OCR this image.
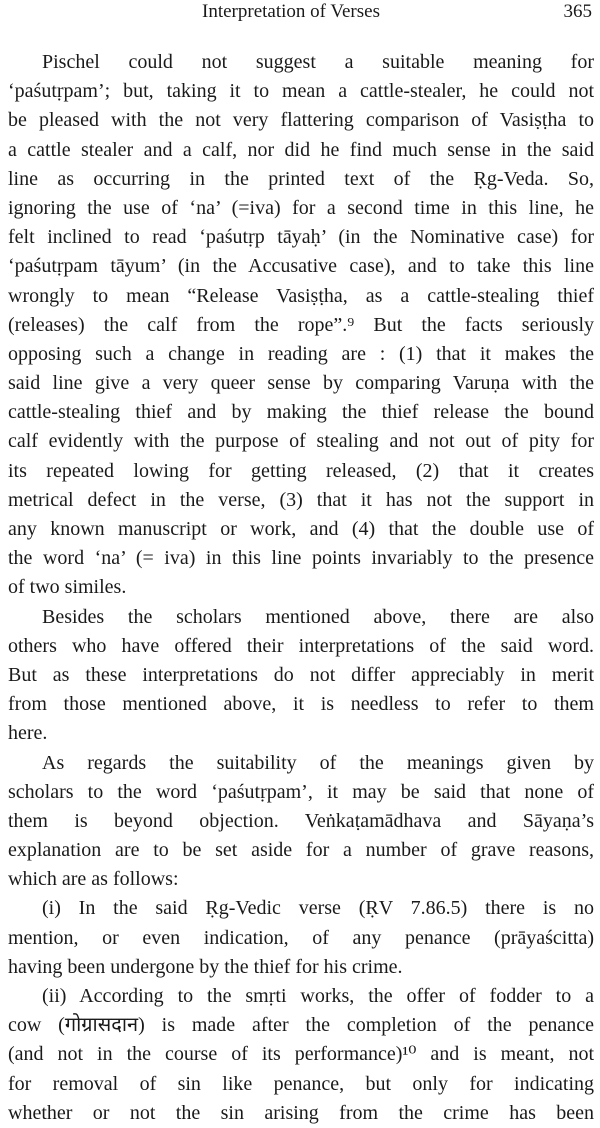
Interpretation of Verses	365
Pischel could not suggest a suitable meaning for
‘paśutṛpam’; but, taking it to mean a cattle-stealer, he could not
be pleased with the not very flattering comparison of Vasiṣṭha to
a cattle stealer and a calf, nor did he find much sense in the said
line as occurring in the printed text of the Ṛg-Veda. So,
ignoring the use of ‘na’ (=iva) for a second time in this line, he
felt inclined to read ‘paśutṛp tāyaḥ’ (in the Nominative case) for
‘paśutṛpam tāyum’ (in the Accusative case), and to take this line
wrongly to mean “Release Vasiṣṭha, as a cattle-stealing thief
(releases) the calf from the rope”.⁹ But the facts seriously
opposing such a change in reading are : (1) that it makes the
said line give a very queer sense by comparing Varuṇa with the
cattle-stealing thief and by making the thief release the bound
calf evidently with the purpose of stealing and not out of pity for
its repeated lowing for getting released, (2) that it creates
metrical defect in the verse, (3) that it has not the support in
any known manuscript or work, and (4) that the double use of
the word ‘na’ (= iva) in this line points invariably to the presence
of two similes.
Besides the scholars mentioned above, there are also
others who have offered their interpretations of the said word.
But as these interpretations do not differ appreciably in merit
from those mentioned above, it is needless to refer to them
here.
As regards the suitability of the meanings given by
scholars to the word ‘paśutṛpam’, it may be said that none of
them is beyond objection. Veṅkaṭamādhava and Sāyaṇa’s
explanation are to be set aside for a number of grave reasons,
which are as follows:
(i) In the said Ṛg-Vedic verse (ṚV 7.86.5) there is no
mention, or even indication, of any penance (prāyaścitta)
having been undergone by the thief for his crime.
(ii) According to the smṛti works, the offer of fodder to a
cow (गोग्रासदान) is made after the completion of the penance
(and not in the course of its performance)¹⁰ and is meant, not
for removal of sin like penance, but only for indicating
whether or not the sin arising from the crime has been
